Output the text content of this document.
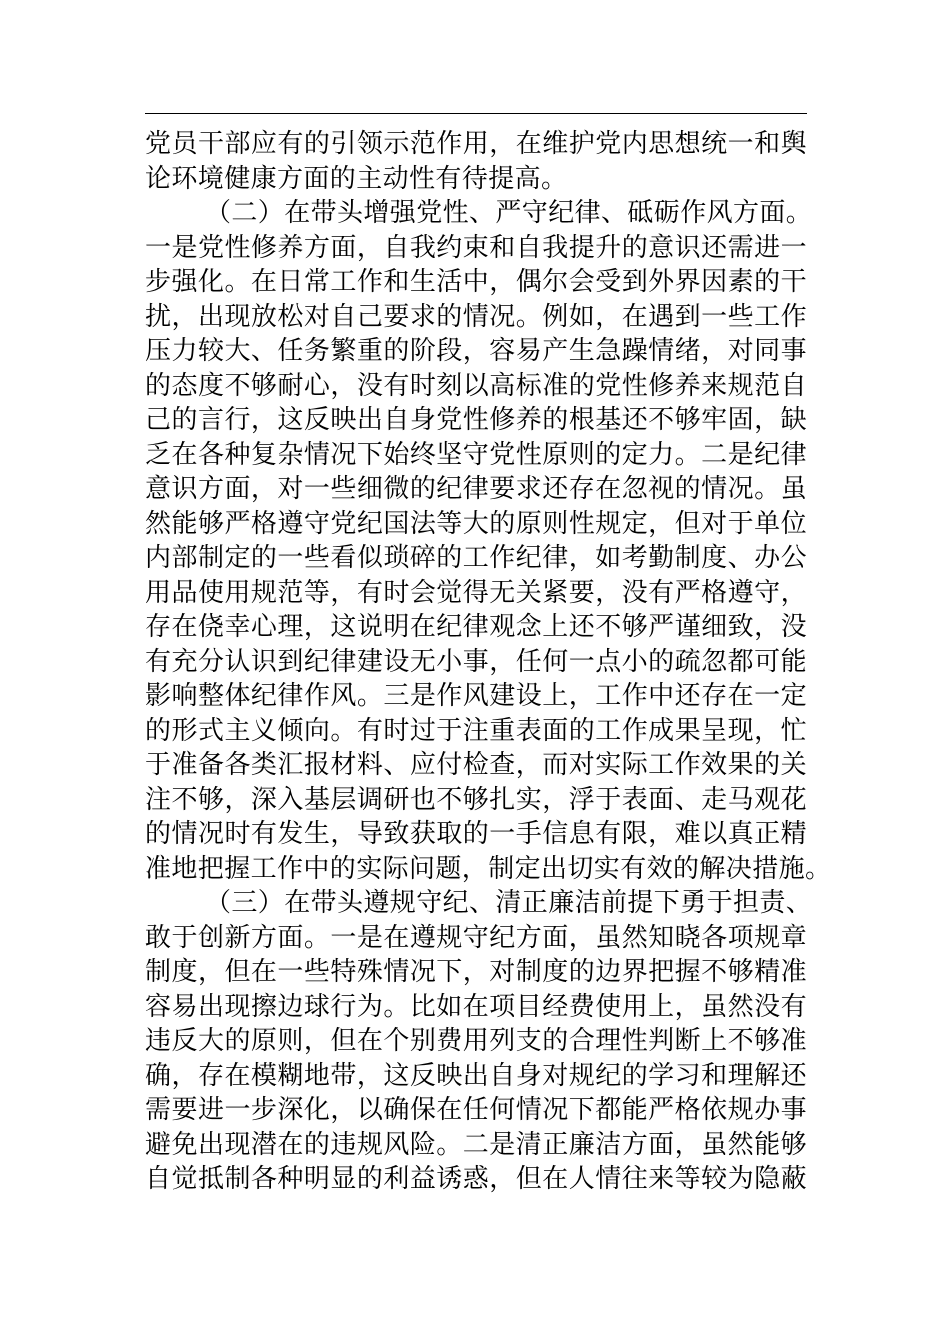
党员干部应有的引领示范作用，在维护党内思想统一和舆
论环境健康方面的主动性有待提高。
（二）在带头增强党性、严守纪律、砥砺作风方面。
一是党性修养方面，自我约束和自我提升的意识还需进一
步强化。在日常工作和生活中，偶尔会受到外界因素的干
扰，出现放松对自己要求的情况。例如，在遇到一些工作
压力较大、任务繁重的阶段，容易产生急躁情绪，对同事
的态度不够耐心，没有时刻以高标准的党性修养来规范自
己的言行，这反映出自身党性修养的根基还不够牢固，缺
乏在各种复杂情况下始终坚守党性原则的定力。二是纪律
意识方面，对一些细微的纪律要求还存在忽视的情况。虽
然能够严格遵守党纪国法等大的原则性规定，但对于单位
内部制定的一些看似琐碎的工作纪律，如考勤制度、办公
用品使用规范等，有时会觉得无关紧要，没有严格遵守，
存在侥幸心理，这说明在纪律观念上还不够严谨细致，没
有充分认识到纪律建设无小事，任何一点小的疏忽都可能
影响整体纪律作风。三是作风建设上，工作中还存在一定
的形式主义倾向。有时过于注重表面的工作成果呈现，忙
于准备各类汇报材料、应付检查，而对实际工作效果的关
注不够，深入基层调研也不够扎实，浮于表面、走马观花
的情况时有发生，导致获取的一手信息有限，难以真正精
准地把握工作中的实际问题，制定出切实有效的解决措施。
（三）在带头遵规守纪、清正廉洁前提下勇于担责、
敢于创新方面。一是在遵规守纪方面，虽然知晓各项规章
制度，但在一些特殊情况下，对制度的边界把握不够精准
容易出现擦边球行为。比如在项目经费使用上，虽然没有
违反大的原则，但在个别费用列支的合理性判断上不够准
确，存在模糊地带，这反映出自身对规纪的学习和理解还
需要进一步深化，以确保在任何情况下都能严格依规办事
避免出现潜在的违规风险。二是清正廉洁方面，虽然能够
自觉抵制各种明显的利益诱惑，但在人情往来等较为隐蔽
